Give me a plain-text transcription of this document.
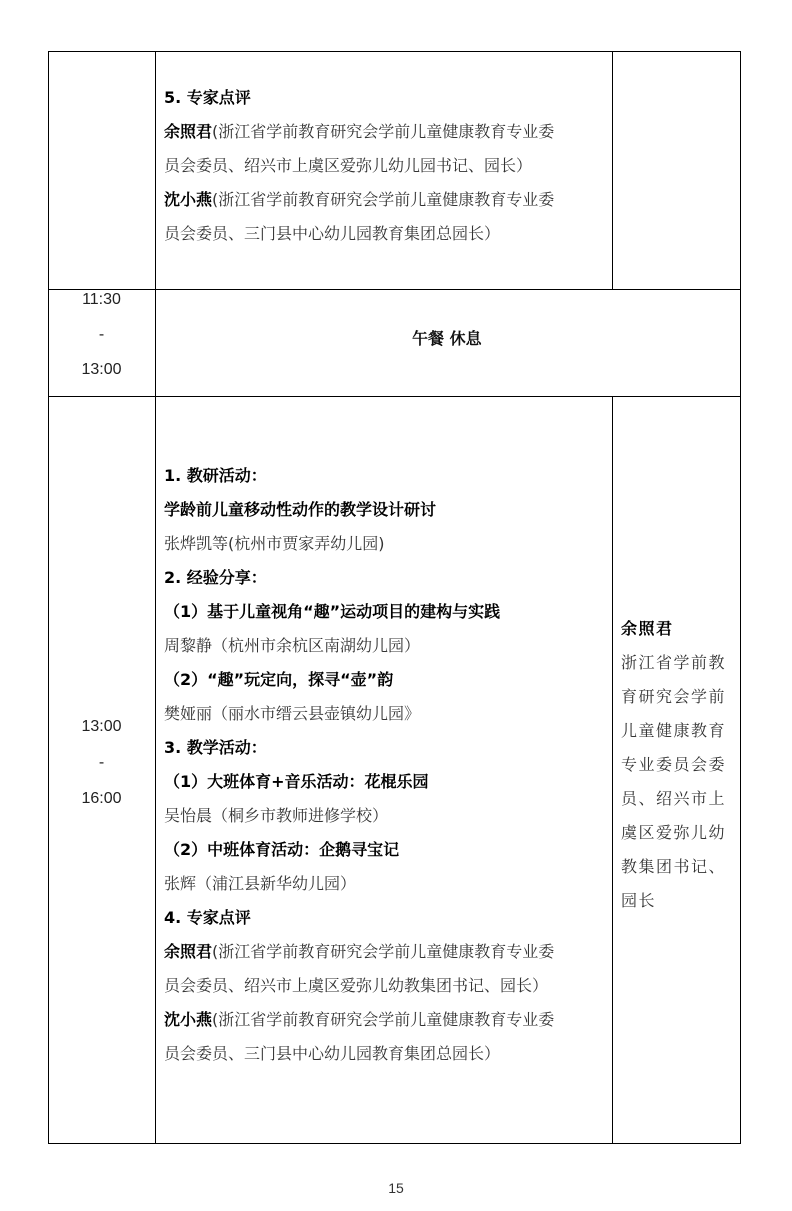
5. 专家点评
余照君(浙江省学前教育研究会学前儿童健康教育专业委
员会委员、绍兴市上虞区爱弥儿幼儿园书记、园长）
沈小燕(浙江省学前教育研究会学前儿童健康教育专业委
员会委员、三门县中心幼儿园教育集团总园长）
11:30
-
13:00
午餐 休息
13:00
-
16:00
1. 教研活动：
学龄前儿童移动性动作的教学设计研讨
张烨凯等(杭州市贾家弄幼儿园)
2. 经验分享：
（1）基于儿童视角“趣”运动项目的建构与实践
周黎静（杭州市余杭区南湖幼儿园）
（2）“趣”玩定向，探寻“壶”韵
樊娅丽（丽水市缙云县壶镇幼儿园》
3. 教学活动：
（1）大班体育+音乐活动：花棍乐园
吴怡晨（桐乡市教师进修学校）
（2）中班体育活动：企鹅寻宝记
张辉（浦江县新华幼儿园）
4. 专家点评
余照君(浙江省学前教育研究会学前儿童健康教育专业委
员会委员、绍兴市上虞区爱弥儿幼教集团书记、园长）
沈小燕(浙江省学前教育研究会学前儿童健康教育专业委
员会委员、三门县中心幼儿园教育集团总园长）
余照君
浙江省学前教
育研究会学前
儿童健康教育
专业委员会委
员、绍兴市上
虞区爱弥儿幼
教集团书记、
园长
15
